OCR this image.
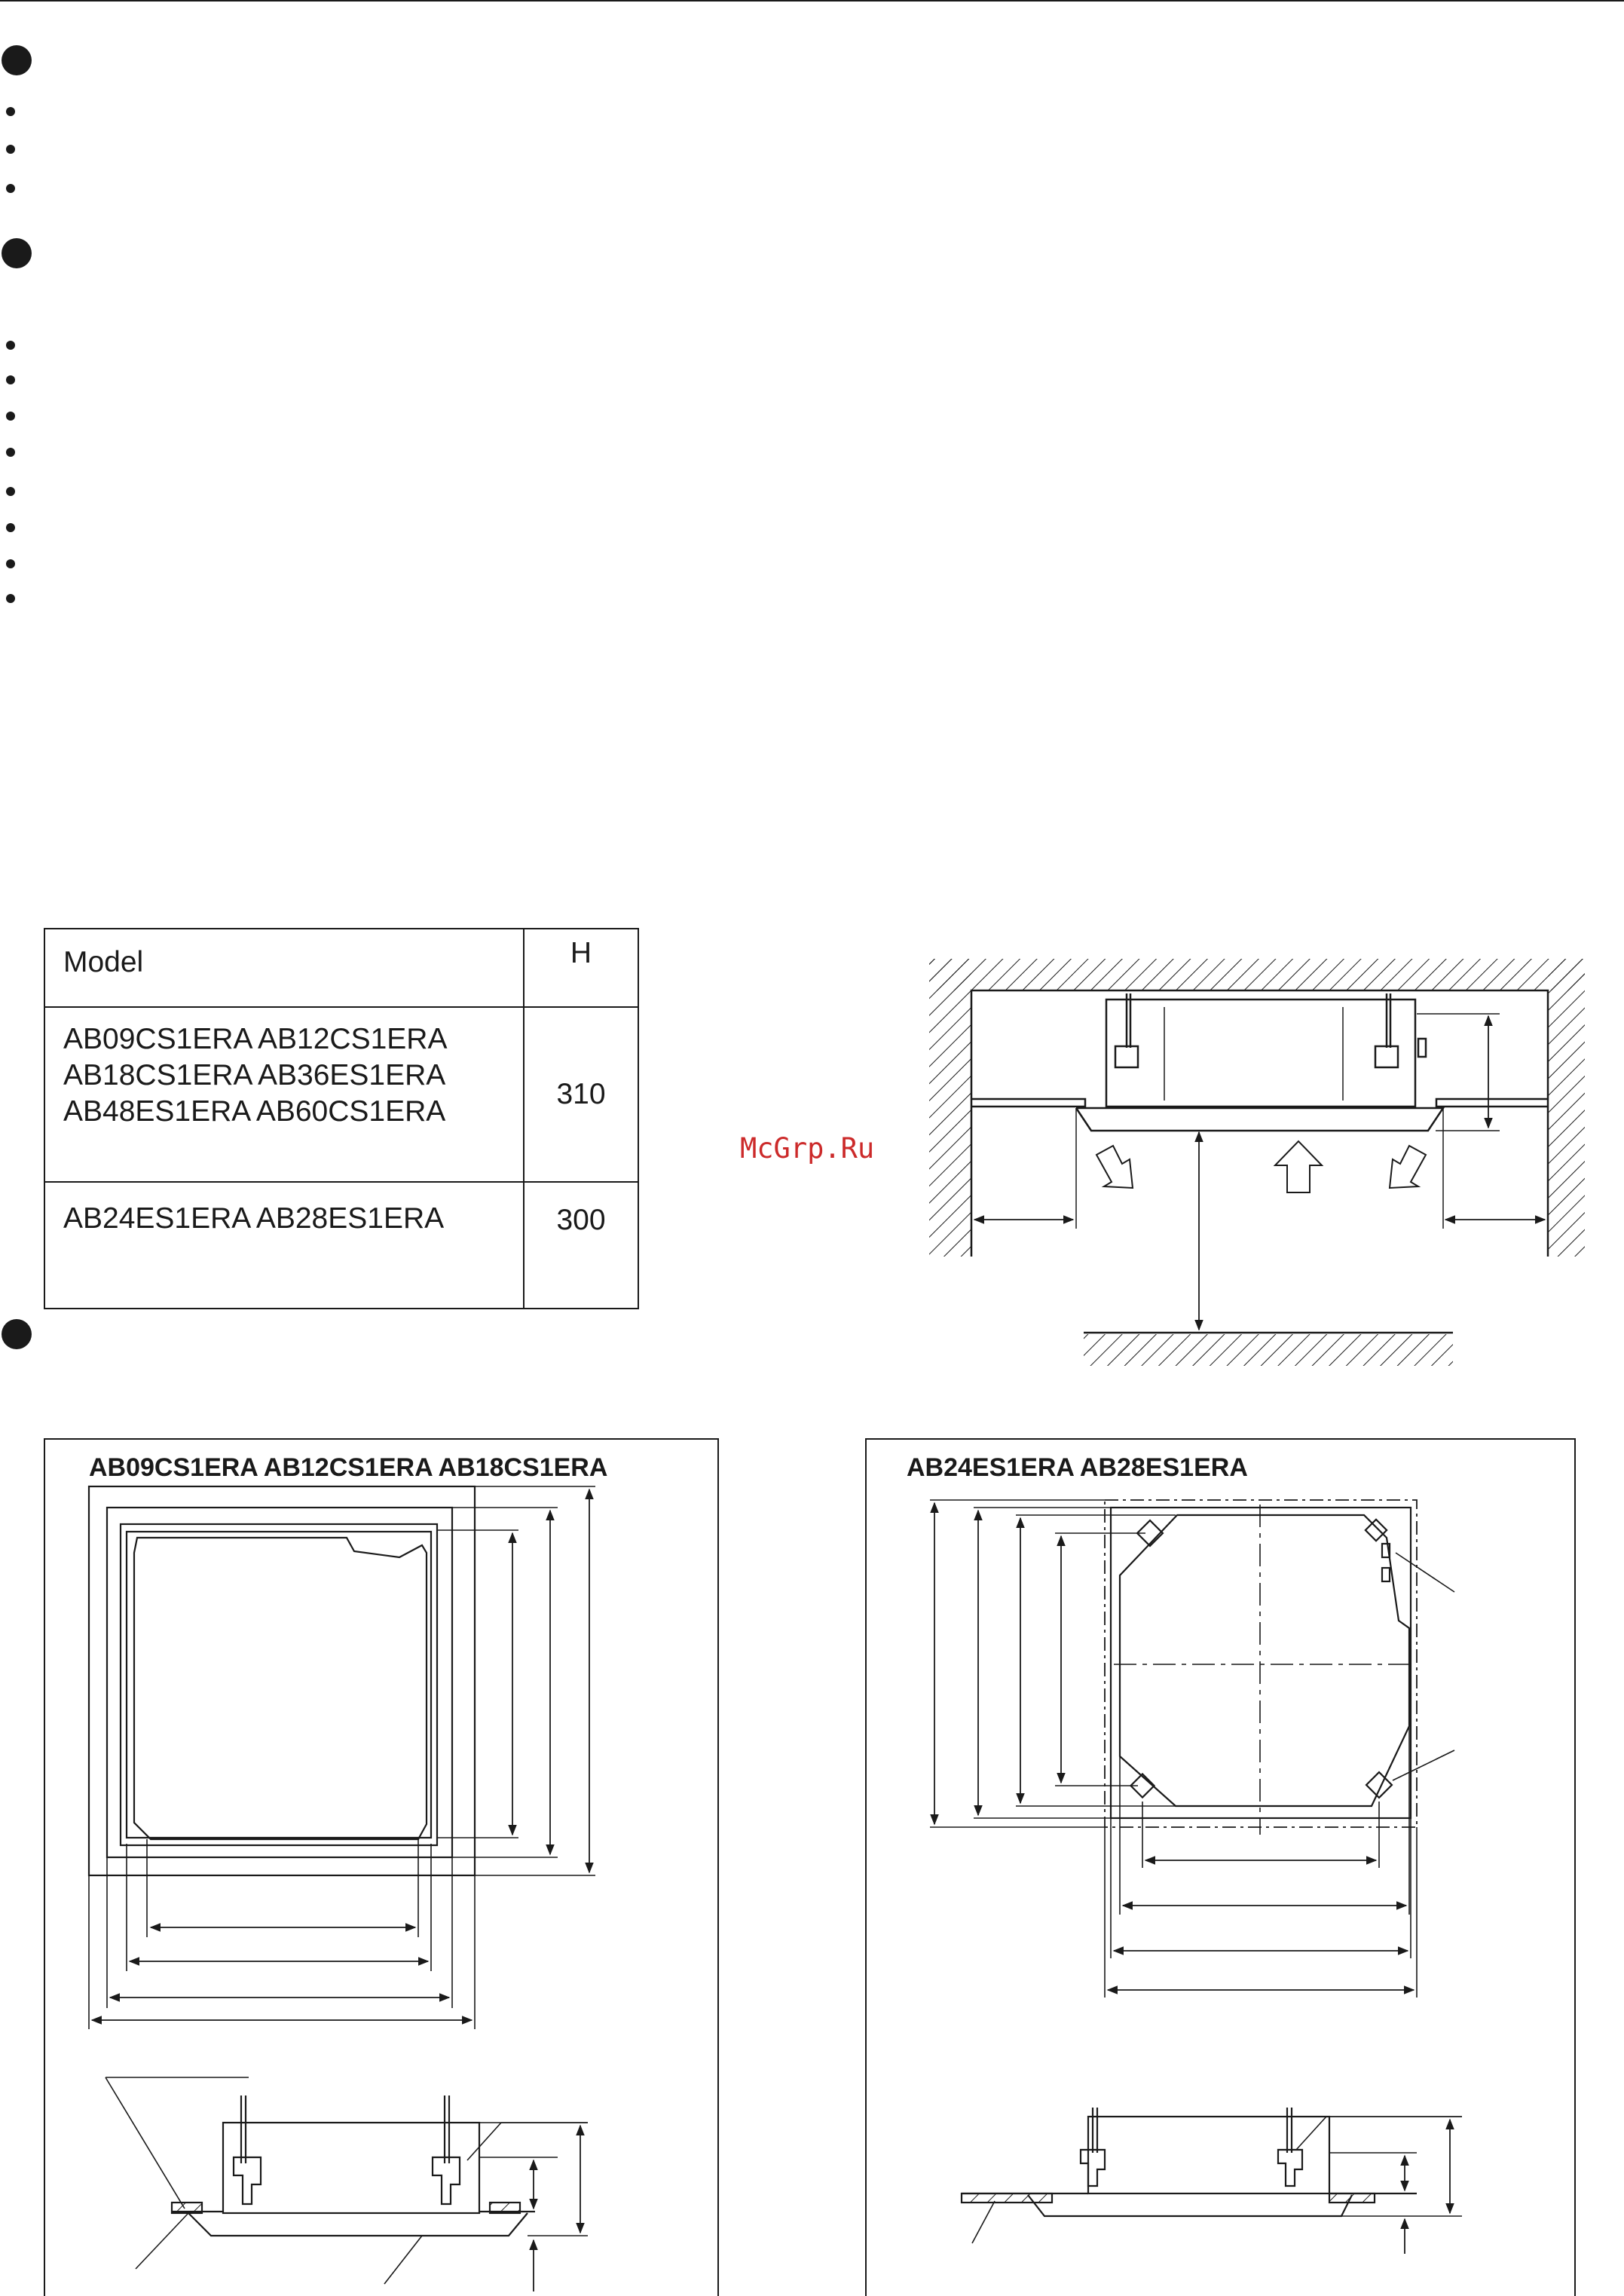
Model	H

AB09CS1ERA AB12CS1ERA
AB18CS1ERA AB36ES1ERA
AB48ES1ERA AB60CS1ERA	310

AB24ES1ERA AB28ES1ERA	300
McGrp.Ru
AB09CS1ERA AB12CS1ERA AB18CS1ERA	AB24ES1ERA AB28ES1ERA
